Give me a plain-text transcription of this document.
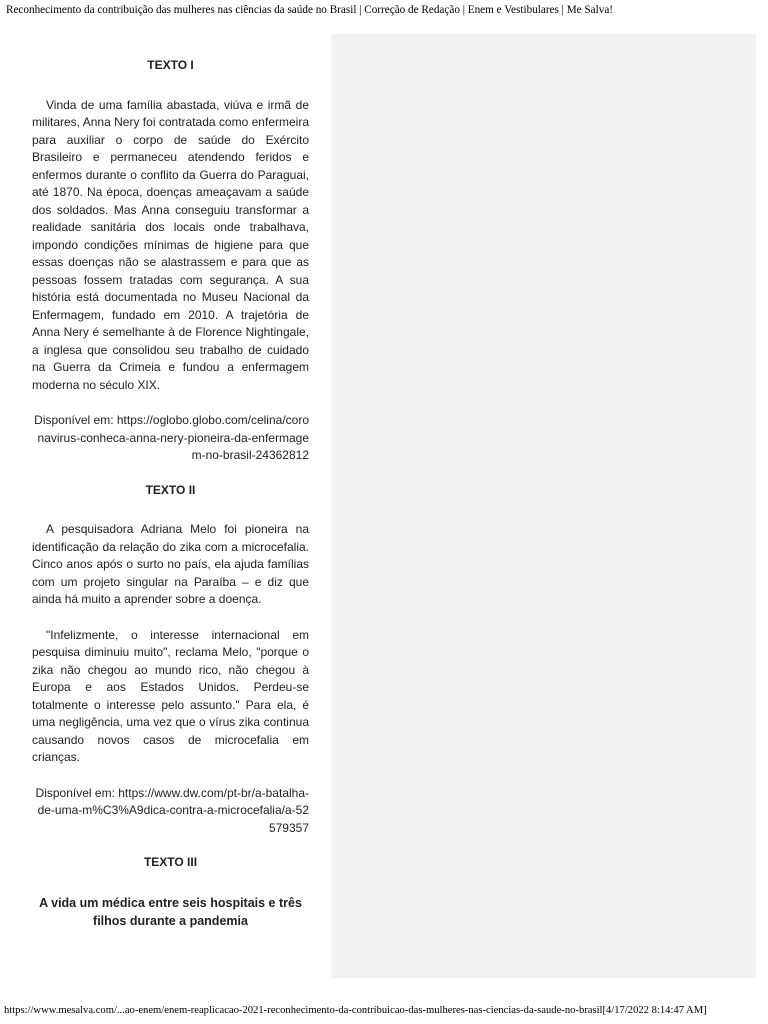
Reconhecimento da contribuição das mulheres nas ciências da saúde no Brasil | Correção de Redação | Enem e Vestibulares | Me Salva!
TEXTO I

Vinda de uma família abastada, viúva e irmã de militares, Anna Nery foi contratada como enfermeira para auxiliar o corpo de saúde do Exército Brasileiro e permaneceu atendendo feridos e enfermos durante o conflito da Guerra do Paraguai, até 1870. Na época, doenças ameaçavam a saúde dos soldados. Mas Anna conseguiu transformar a realidade sanitária dos locais onde trabalhava, impondo condições mínimas de higiene para que essas doenças não se alastrassem e para que as pessoas fossem tratadas com segurança. A sua história está documentada no Museu Nacional da Enfermagem, fundado em 2010. A trajetória de Anna Nery é semelhante à de Florence Nightingale, a inglesa que consolidou seu trabalho de cuidado na Guerra da Crimeia e fundou a enfermagem moderna no século XIX.

Disponível em: https://oglobo.globo.com/celina/coronavirus-conheca-anna-nery-pioneira-da-enfermagem-no-brasil-24362812
TEXTO II

A pesquisadora Adriana Melo foi pioneira na identificação da relação do zika com a microcefalia. Cinco anos após o surto no país, ela ajuda famílias com um projeto singular na Paraíba – e diz que ainda há muito a aprender sobre a doença.

"Infelizmente, o interesse internacional em pesquisa diminuiu muito", reclama Melo, "porque o zika não chegou ao mundo rico, não chegou à Europa e aos Estados Unidos. Perdeu-se totalmente o interesse pelo assunto." Para ela, é uma negligência, uma vez que o vírus zika continua causando novos casos de microcefalia em crianças.

Disponível em: https://www.dw.com/pt-br/a-batalha-de-uma-m%C3%A9dica-contra-a-microcefalia/a-52579357
TEXTO III
A vida um médica entre seis hospitais e três filhos durante a pandemia
https://www.mesalva.com/...ao-enem/enem-reaplicacao-2021-reconhecimento-da-contribuicao-das-mulheres-nas-ciencias-da-saude-no-brasil[4/17/2022 8:14:47 AM]
